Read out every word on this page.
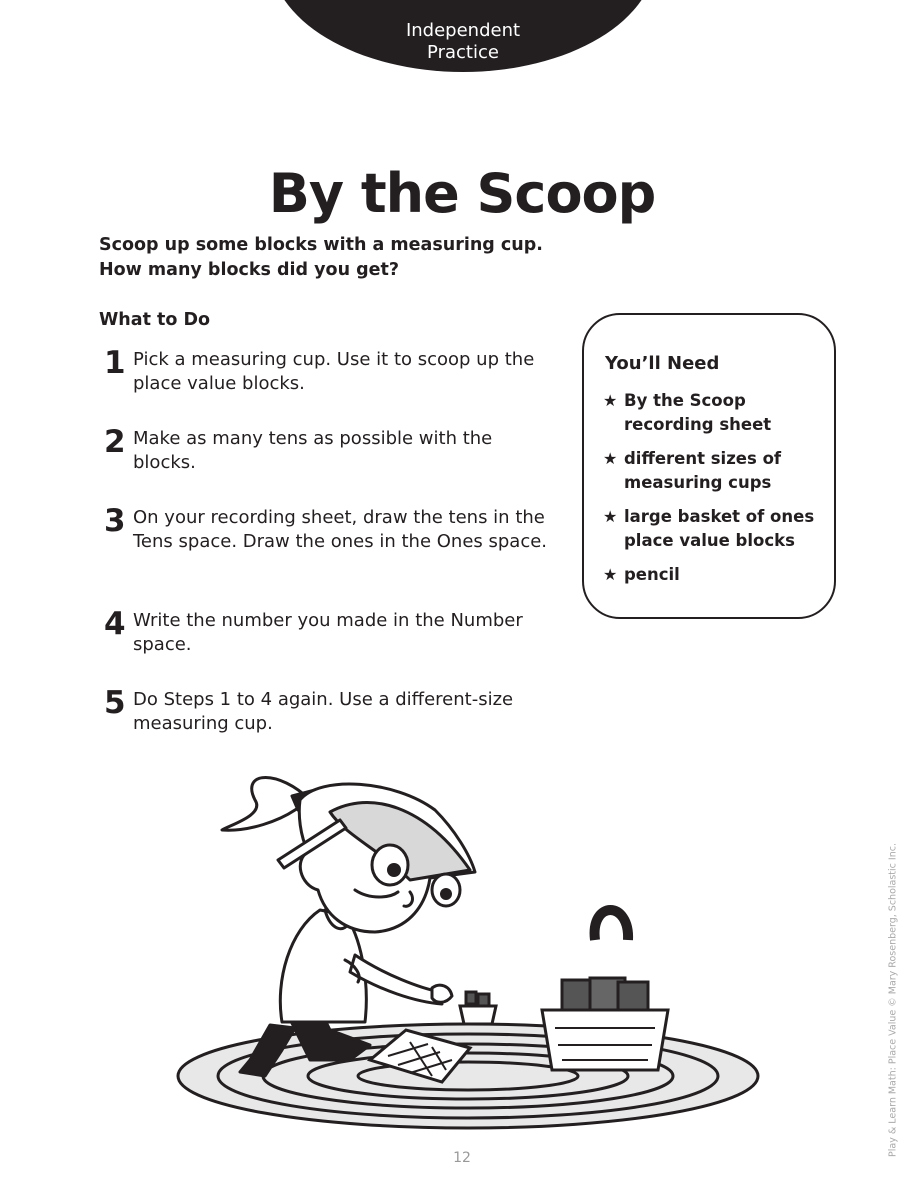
Independent
Practice
By the Scoop
Scoop up some blocks with a measuring cup.
How many blocks did you get?
What to Do
1 Pick a measuring cup. Use it to scoop up the place value blocks.
2 Make as many tens as possible with the blocks.
3 On your recording sheet, draw the tens in the Tens space. Draw the ones in the Ones space.
4 Write the number you made in the Number space.
5 Do Steps 1 to 4 again. Use a different-size measuring cup.
You’ll Need
★ By the Scoop recording sheet
★ different sizes of measuring cups
★ large basket of ones place value blocks
★ pencil
12
Play & Learn Math: Place Value © Mary Rosenberg, Scholastic Inc.
